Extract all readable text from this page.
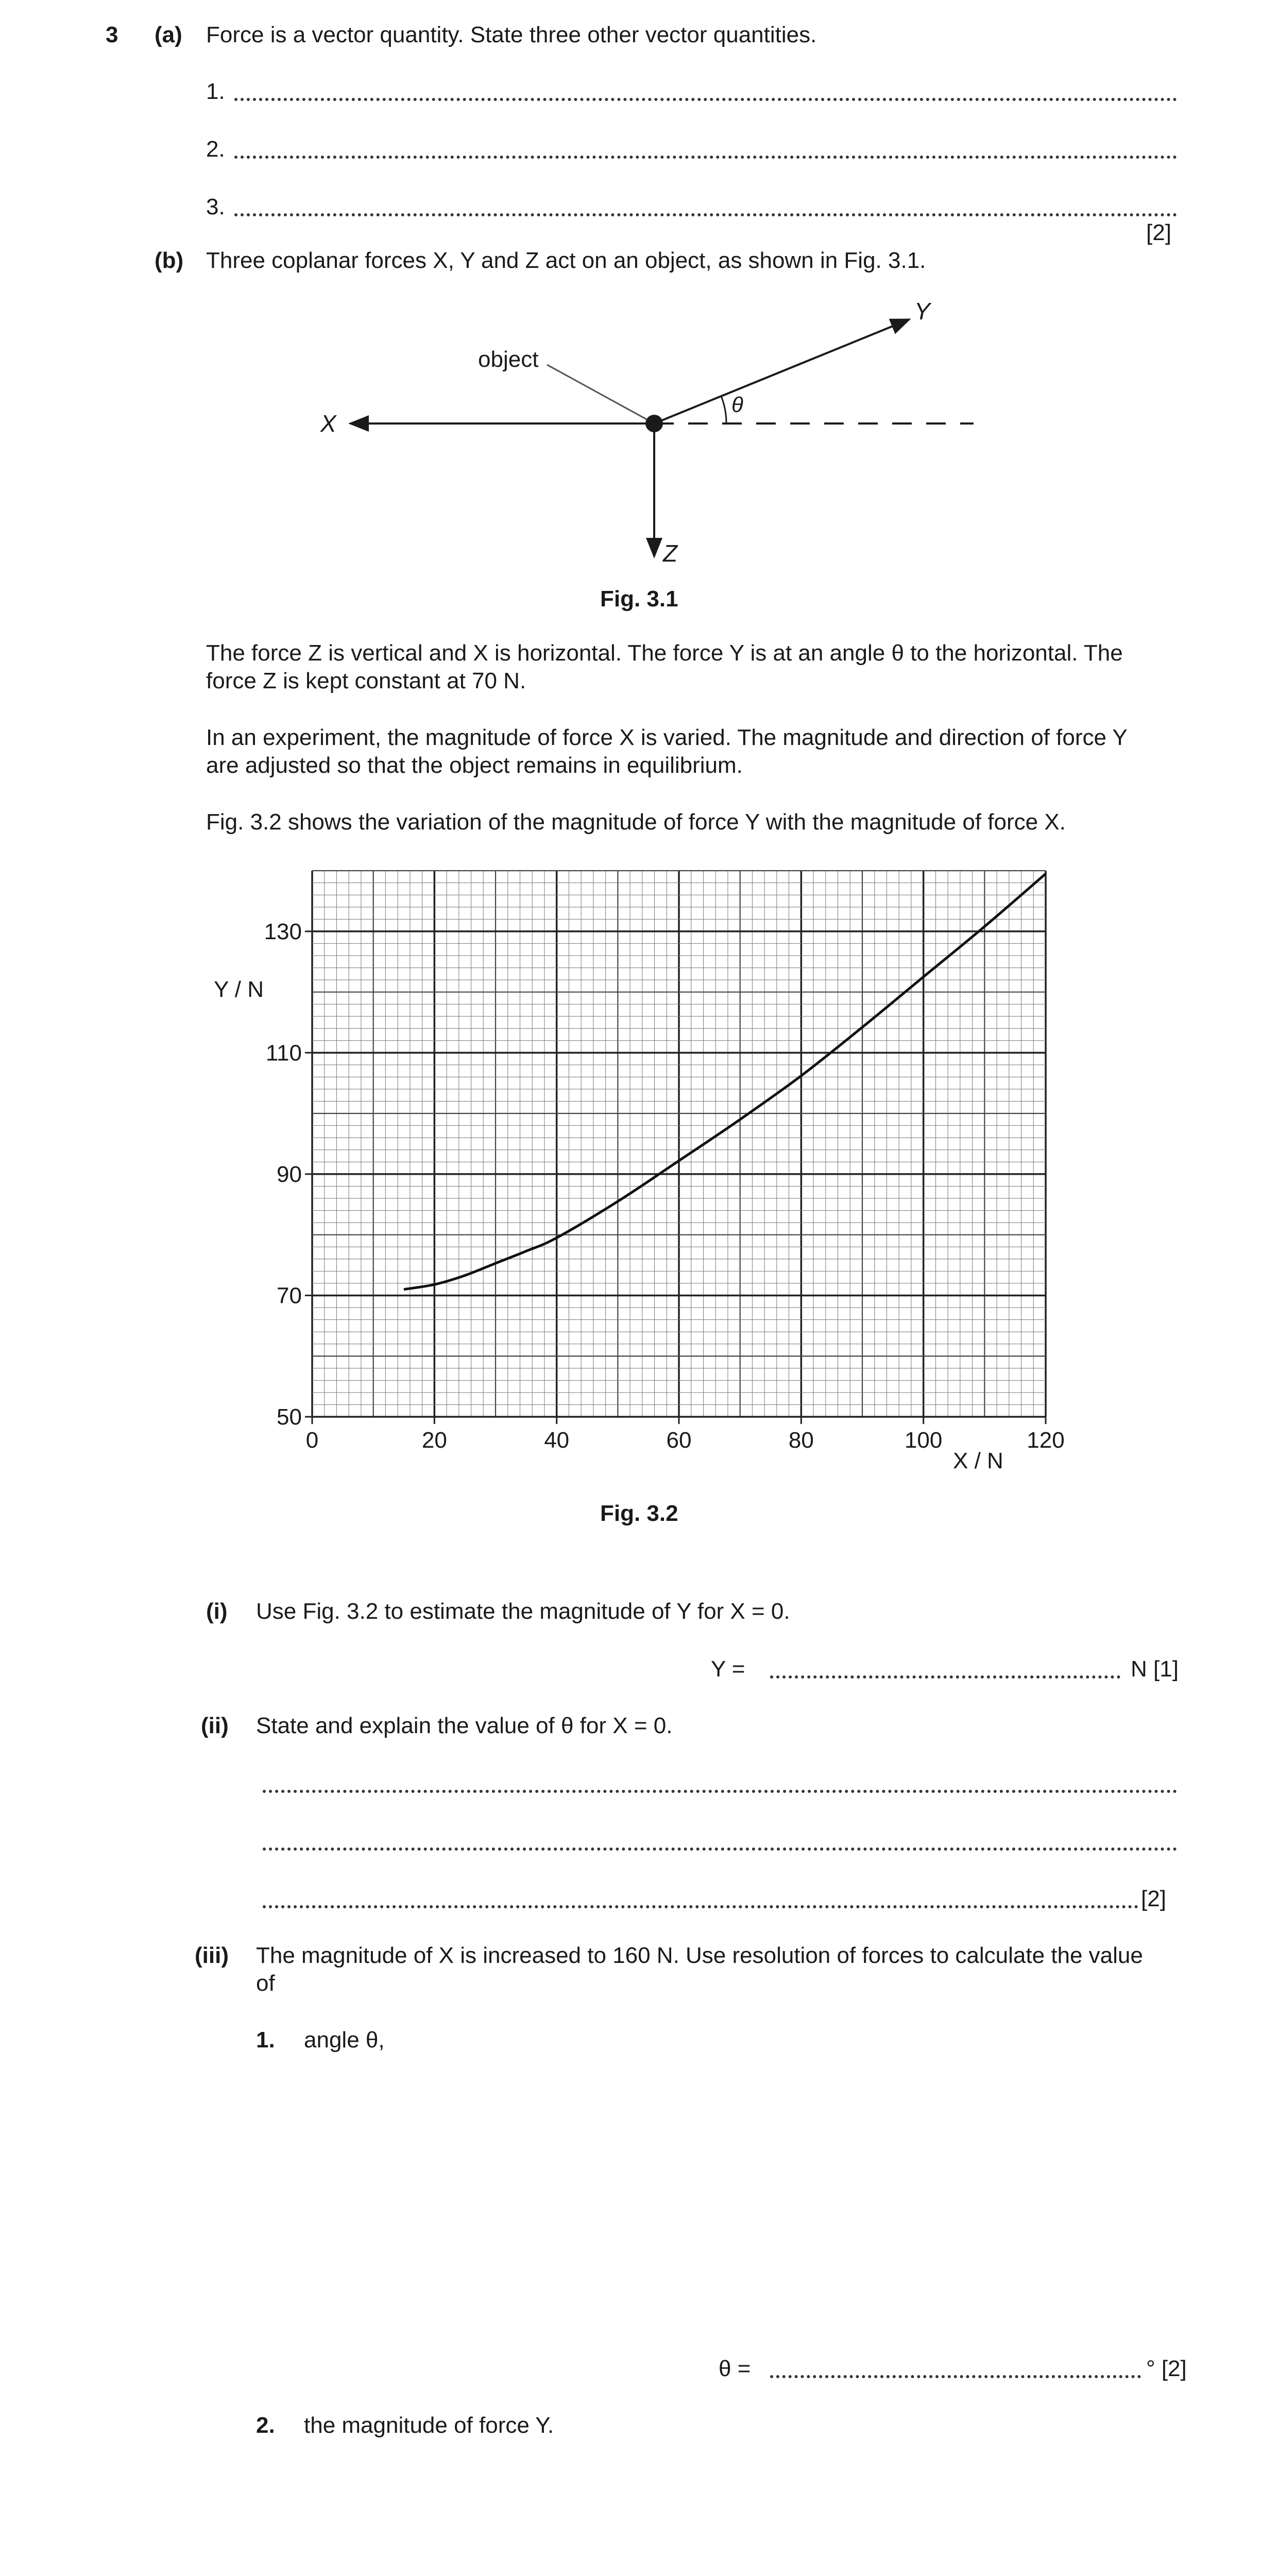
3 (a) Force is a vector quantity. State three other vector quantities.
1.
2.
3.
[2]
(b) Three coplanar forces X, Y and Z act on an object, as shown in Fig. 3.1.
object
X
Y
Z
θ
Fig. 3.1
The force Z is vertical and X is horizontal. The force Y is at an angle θ to the horizontal. The
force Z is kept constant at 70 N.
In an experiment, the magnitude of force X is varied. The magnitude and direction of force Y
are adjusted so that the object remains in equilibrium.
Fig. 3.2 shows the variation of the magnitude of force Y with the magnitude of force X.
0	20	40	60	80	100	120
50
70
90
110
130
Y / N
X / N
Fig. 3.2
(i) Use Fig. 3.2 to estimate the magnitude of Y for X = 0.
Y =	N [1]
(ii) State and explain the value of θ for X = 0.
[2]
(iii) The magnitude of X is increased to 160 N. Use resolution of forces to calculate the value
of
1. angle θ,
θ =	° [2]
2. the magnitude of force Y.
